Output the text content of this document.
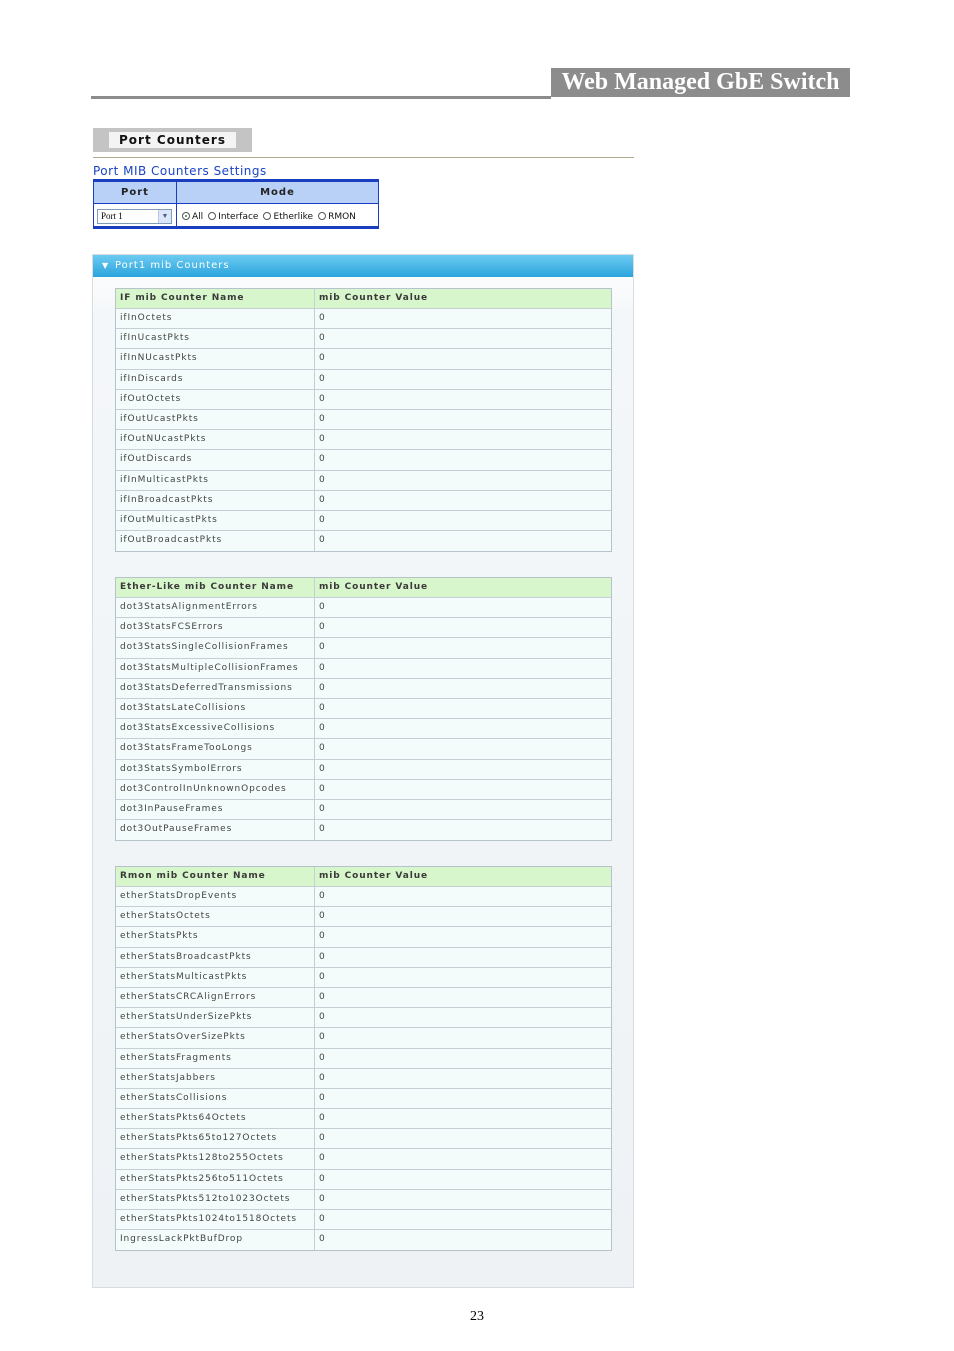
Web Managed GbE Switch
Port Counters
Port MIB Counters Settings
Port	Mode
Port 1	▼	All Interface Etherlike RMON
▼ Port1 mib Counters
IF mib Counter Name	mib Counter Value
ifInOctets	0
ifInUcastPkts	0
ifInNUcastPkts	0
ifInDiscards	0
ifOutOctets	0
ifOutUcastPkts	0
ifOutNUcastPkts	0
ifOutDiscards	0
ifInMulticastPkts	0
ifInBroadcastPkts	0
ifOutMulticastPkts	0
ifOutBroadcastPkts	0
Ether-Like mib Counter Name	mib Counter Value
dot3StatsAlignmentErrors	0
dot3StatsFCSErrors	0
dot3StatsSingleCollisionFrames	0
dot3StatsMultipleCollisionFrames 0
dot3StatsDeferredTransmissions	0
dot3StatsLateCollisions	0
dot3StatsExcessiveCollisions	0
dot3StatsFrameTooLongs	0
dot3StatsSymbolErrors	0
dot3ControlInUnknownOpcodes	0
dot3InPauseFrames	0
dot3OutPauseFrames	0
Rmon mib Counter Name	mib Counter Value
etherStatsDropEvents	0
etherStatsOctets	0
etherStatsPkts	0
etherStatsBroadcastPkts	0
etherStatsMulticastPkts	0
etherStatsCRCAlignErrors	0
etherStatsUnderSizePkts	0
etherStatsOverSizePkts	0
etherStatsFragments	0
etherStatsJabbers	0
etherStatsCollisions	0
etherStatsPkts64Octets	0
etherStatsPkts65to127Octets	0
etherStatsPkts128to255Octets	0
etherStatsPkts256to511Octets	0
etherStatsPkts512to1023Octets	0
etherStatsPkts1024to1518Octets 0
IngressLackPktBufDrop	0
23
